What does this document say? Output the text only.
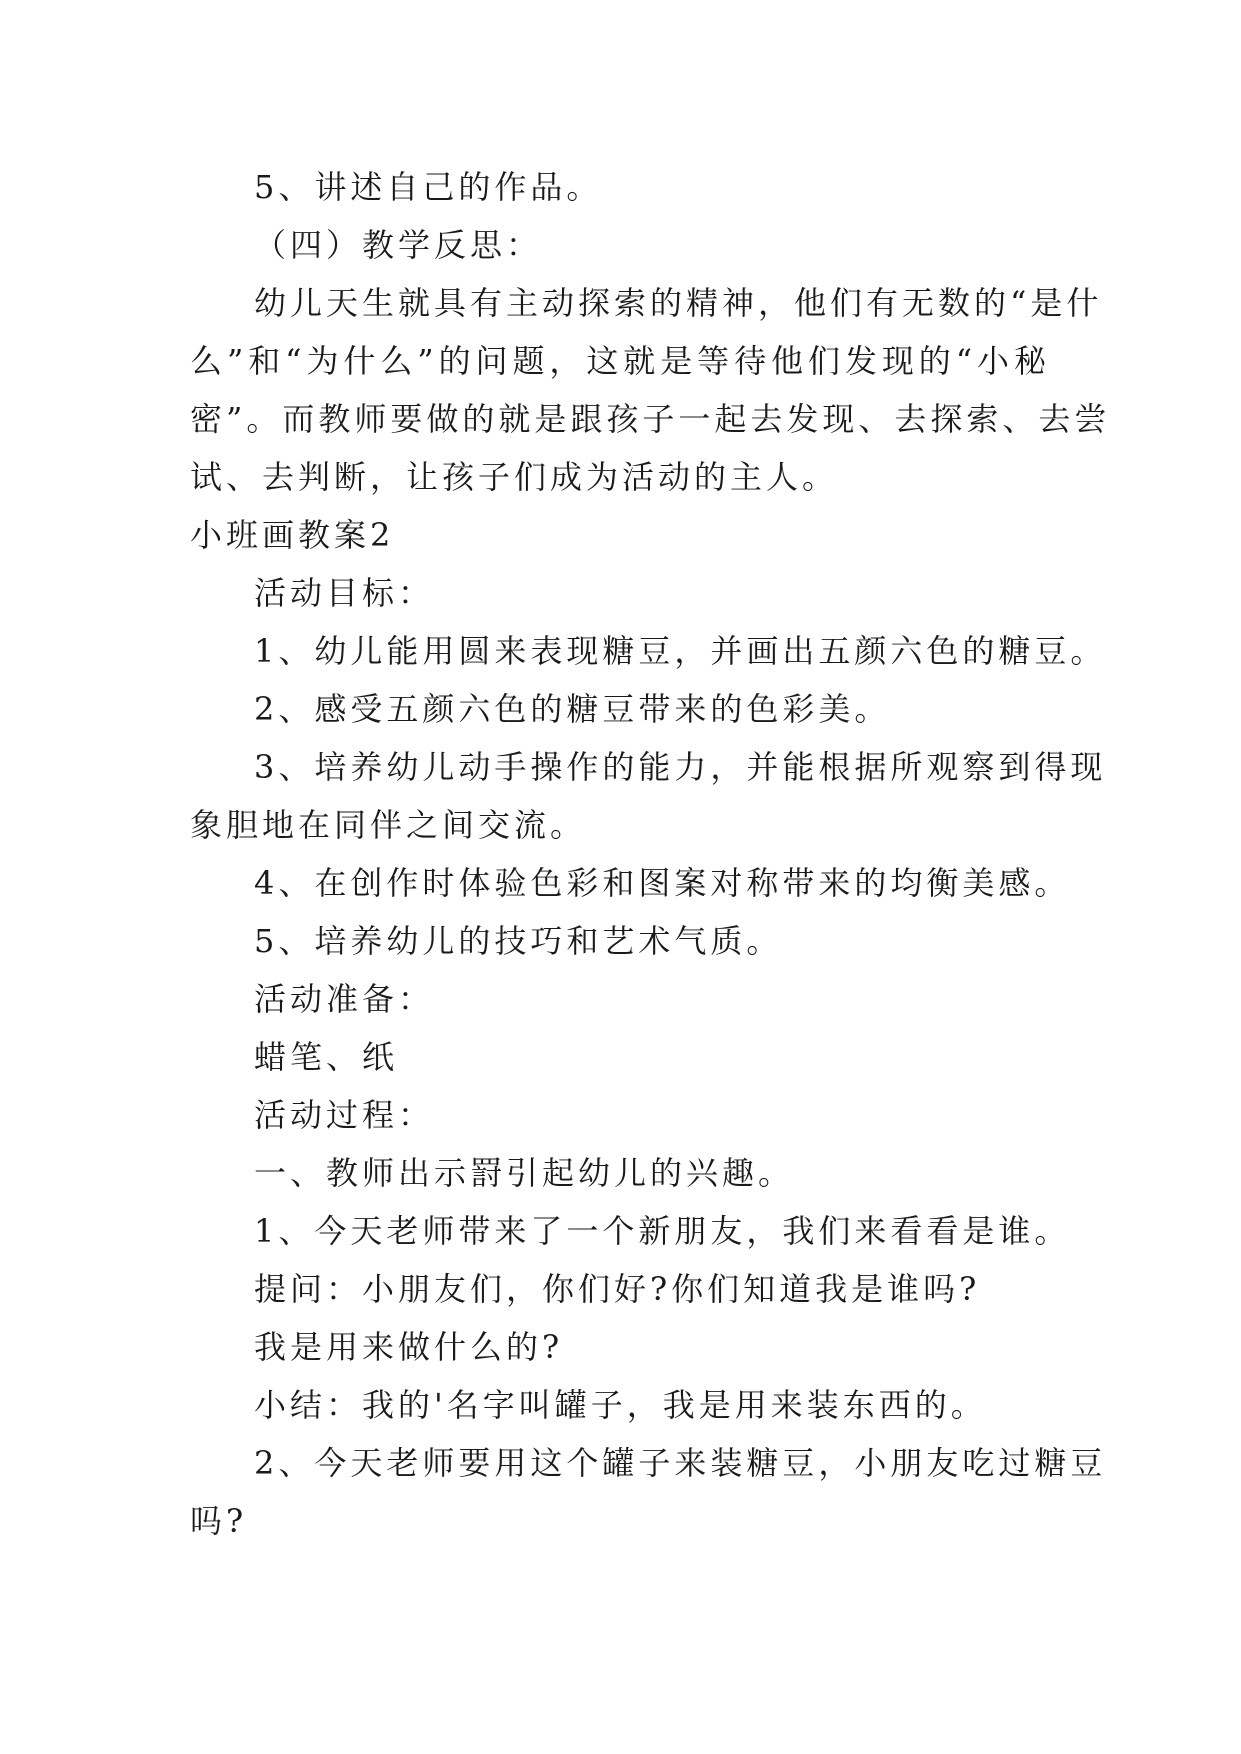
5、讲述自己的作品。

（四）教学反思：

幼儿天生就具有主动探索的精神，他们有无数的“是什

么”和“为什么”的问题，这就是等待他们发现的“小秘

密”。而教师要做的就是跟孩子一起去发现、去探索、去尝

试、去判断，让孩子们成为活动的主人。

小班画教案2

活动目标：

1、幼儿能用圆来表现糖豆，并画出五颜六色的糖豆。

2、感受五颜六色的糖豆带来的色彩美。

3、培养幼儿动手操作的能力，并能根据所观察到得现

象胆地在同伴之间交流。

4、在创作时体验色彩和图案对称带来的均衡美感。

5、培养幼儿的技巧和艺术气质。

活动准备：

蜡笔、纸

活动过程：

一、教师出示罸引起幼儿的兴趣。

1、今天老师带来了一个新朋友，我们来看看是谁。

提问：小朋友们，你们好?你们知道我是谁吗?

我是用来做什么的?

小结：我的'名字叫罐子，我是用来装东西的。

2、今天老师要用这个罐子来装糖豆，小朋友吃过糖豆

吗?
